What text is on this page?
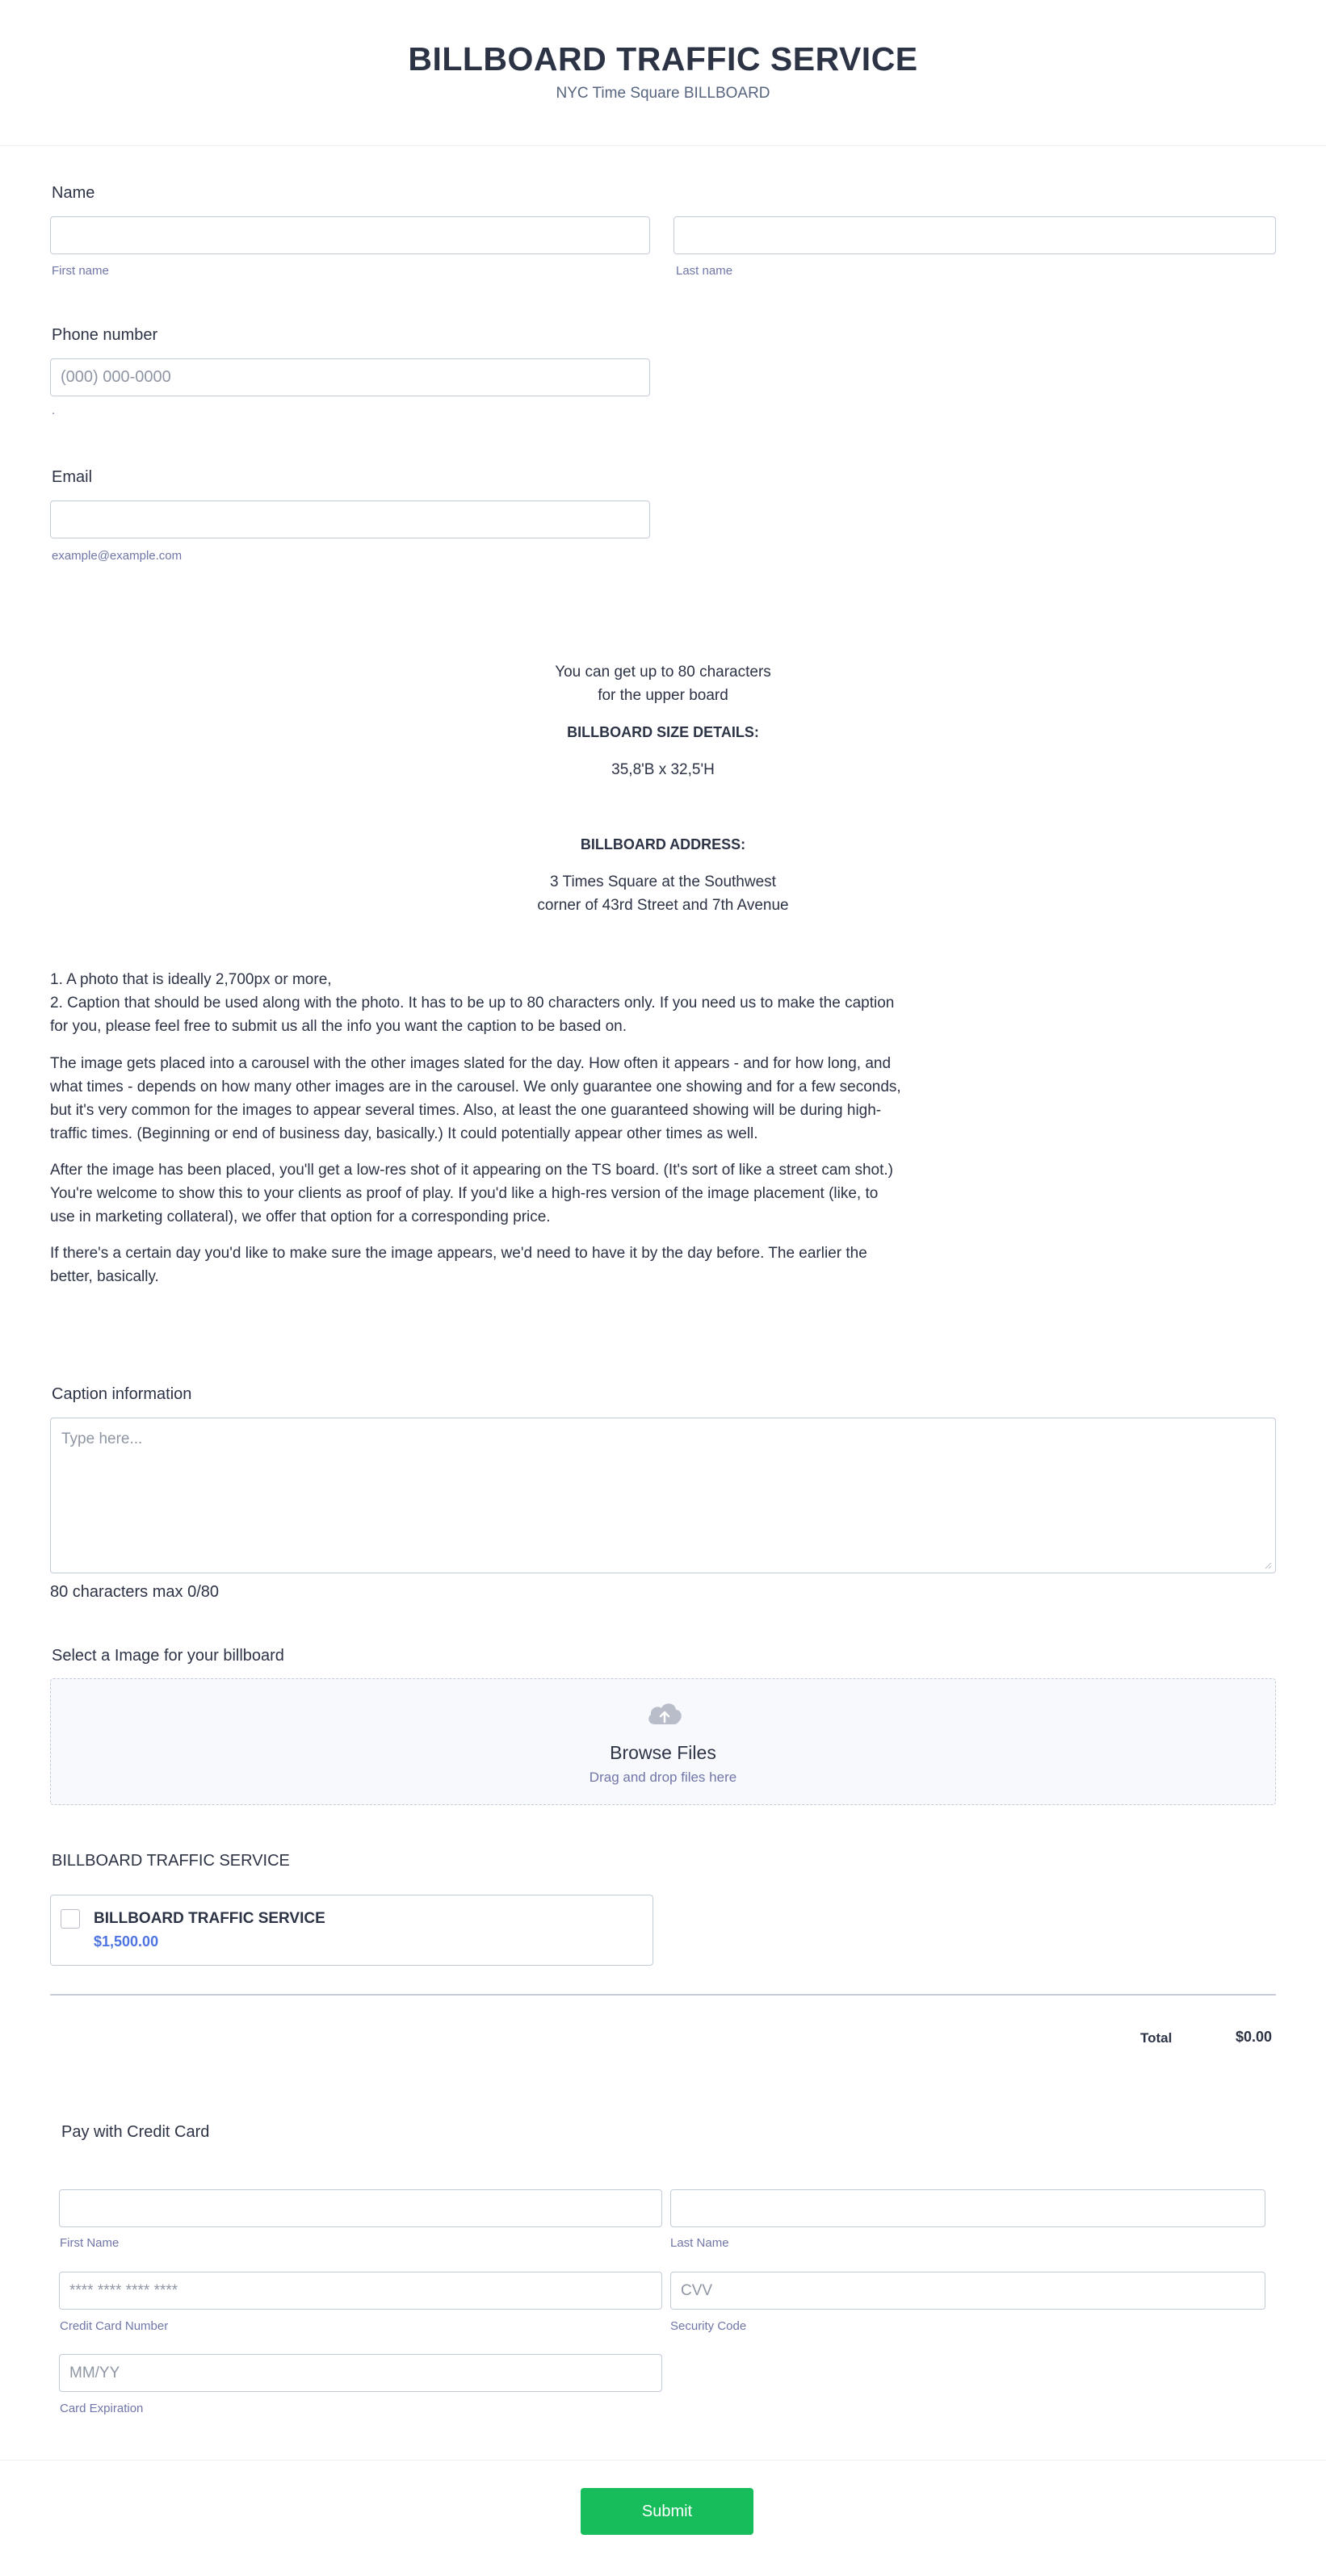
BILLBOARD TRAFFIC SERVICE
NYC Time Square BILLBOARD
Name
First name	Last name
Phone number
(000) 000-0000
.
Email
example@example.com
You can get up to 80 characters
for the upper board
BILLBOARD SIZE DETAILS:
35,8'B x 32,5'H
BILLBOARD ADDRESS:
3 Times Square at the Southwest
corner of 43rd Street and 7th Avenue
1. A photo that is ideally 2,700px or more,
2. Caption that should be used along with the photo. It has to be up to 80 characters only. If you need us to make the caption
for you, please feel free to submit us all the info you want the caption to be based on.
The image gets placed into a carousel with the other images slated for the day. How often it appears - and for how long, and what times - depends on how many other images are in the carousel. We only guarantee one showing and for a few seconds, but it's very common for the images to appear several times. Also, at least the one guaranteed showing will be during high-traffic times. (Beginning or end of business day, basically.) It could potentially appear other times as well.
After the image has been placed, you'll get a low-res shot of it appearing on the TS board. (It's sort of like a street cam shot.) You're welcome to show this to your clients as proof of play. If you'd like a high-res version of the image placement (like, to use in marketing collateral), we offer that option for a corresponding price.
If there's a certain day you'd like to make sure the image appears, we'd need to have it by the day before. The earlier the better, basically.
Caption information
Type here...
80 characters max 0/80
Select a Image for your billboard
Browse Files
Drag and drop files here
BILLBOARD TRAFFIC SERVICE
BILLBOARD TRAFFIC SERVICE
$1,500.00
Total	$0.00
Pay with Credit Card
First Name	Last Name
**** **** **** ****
Credit Card Number
CVV
Security Code
MM/YY
Card Expiration
Submit
